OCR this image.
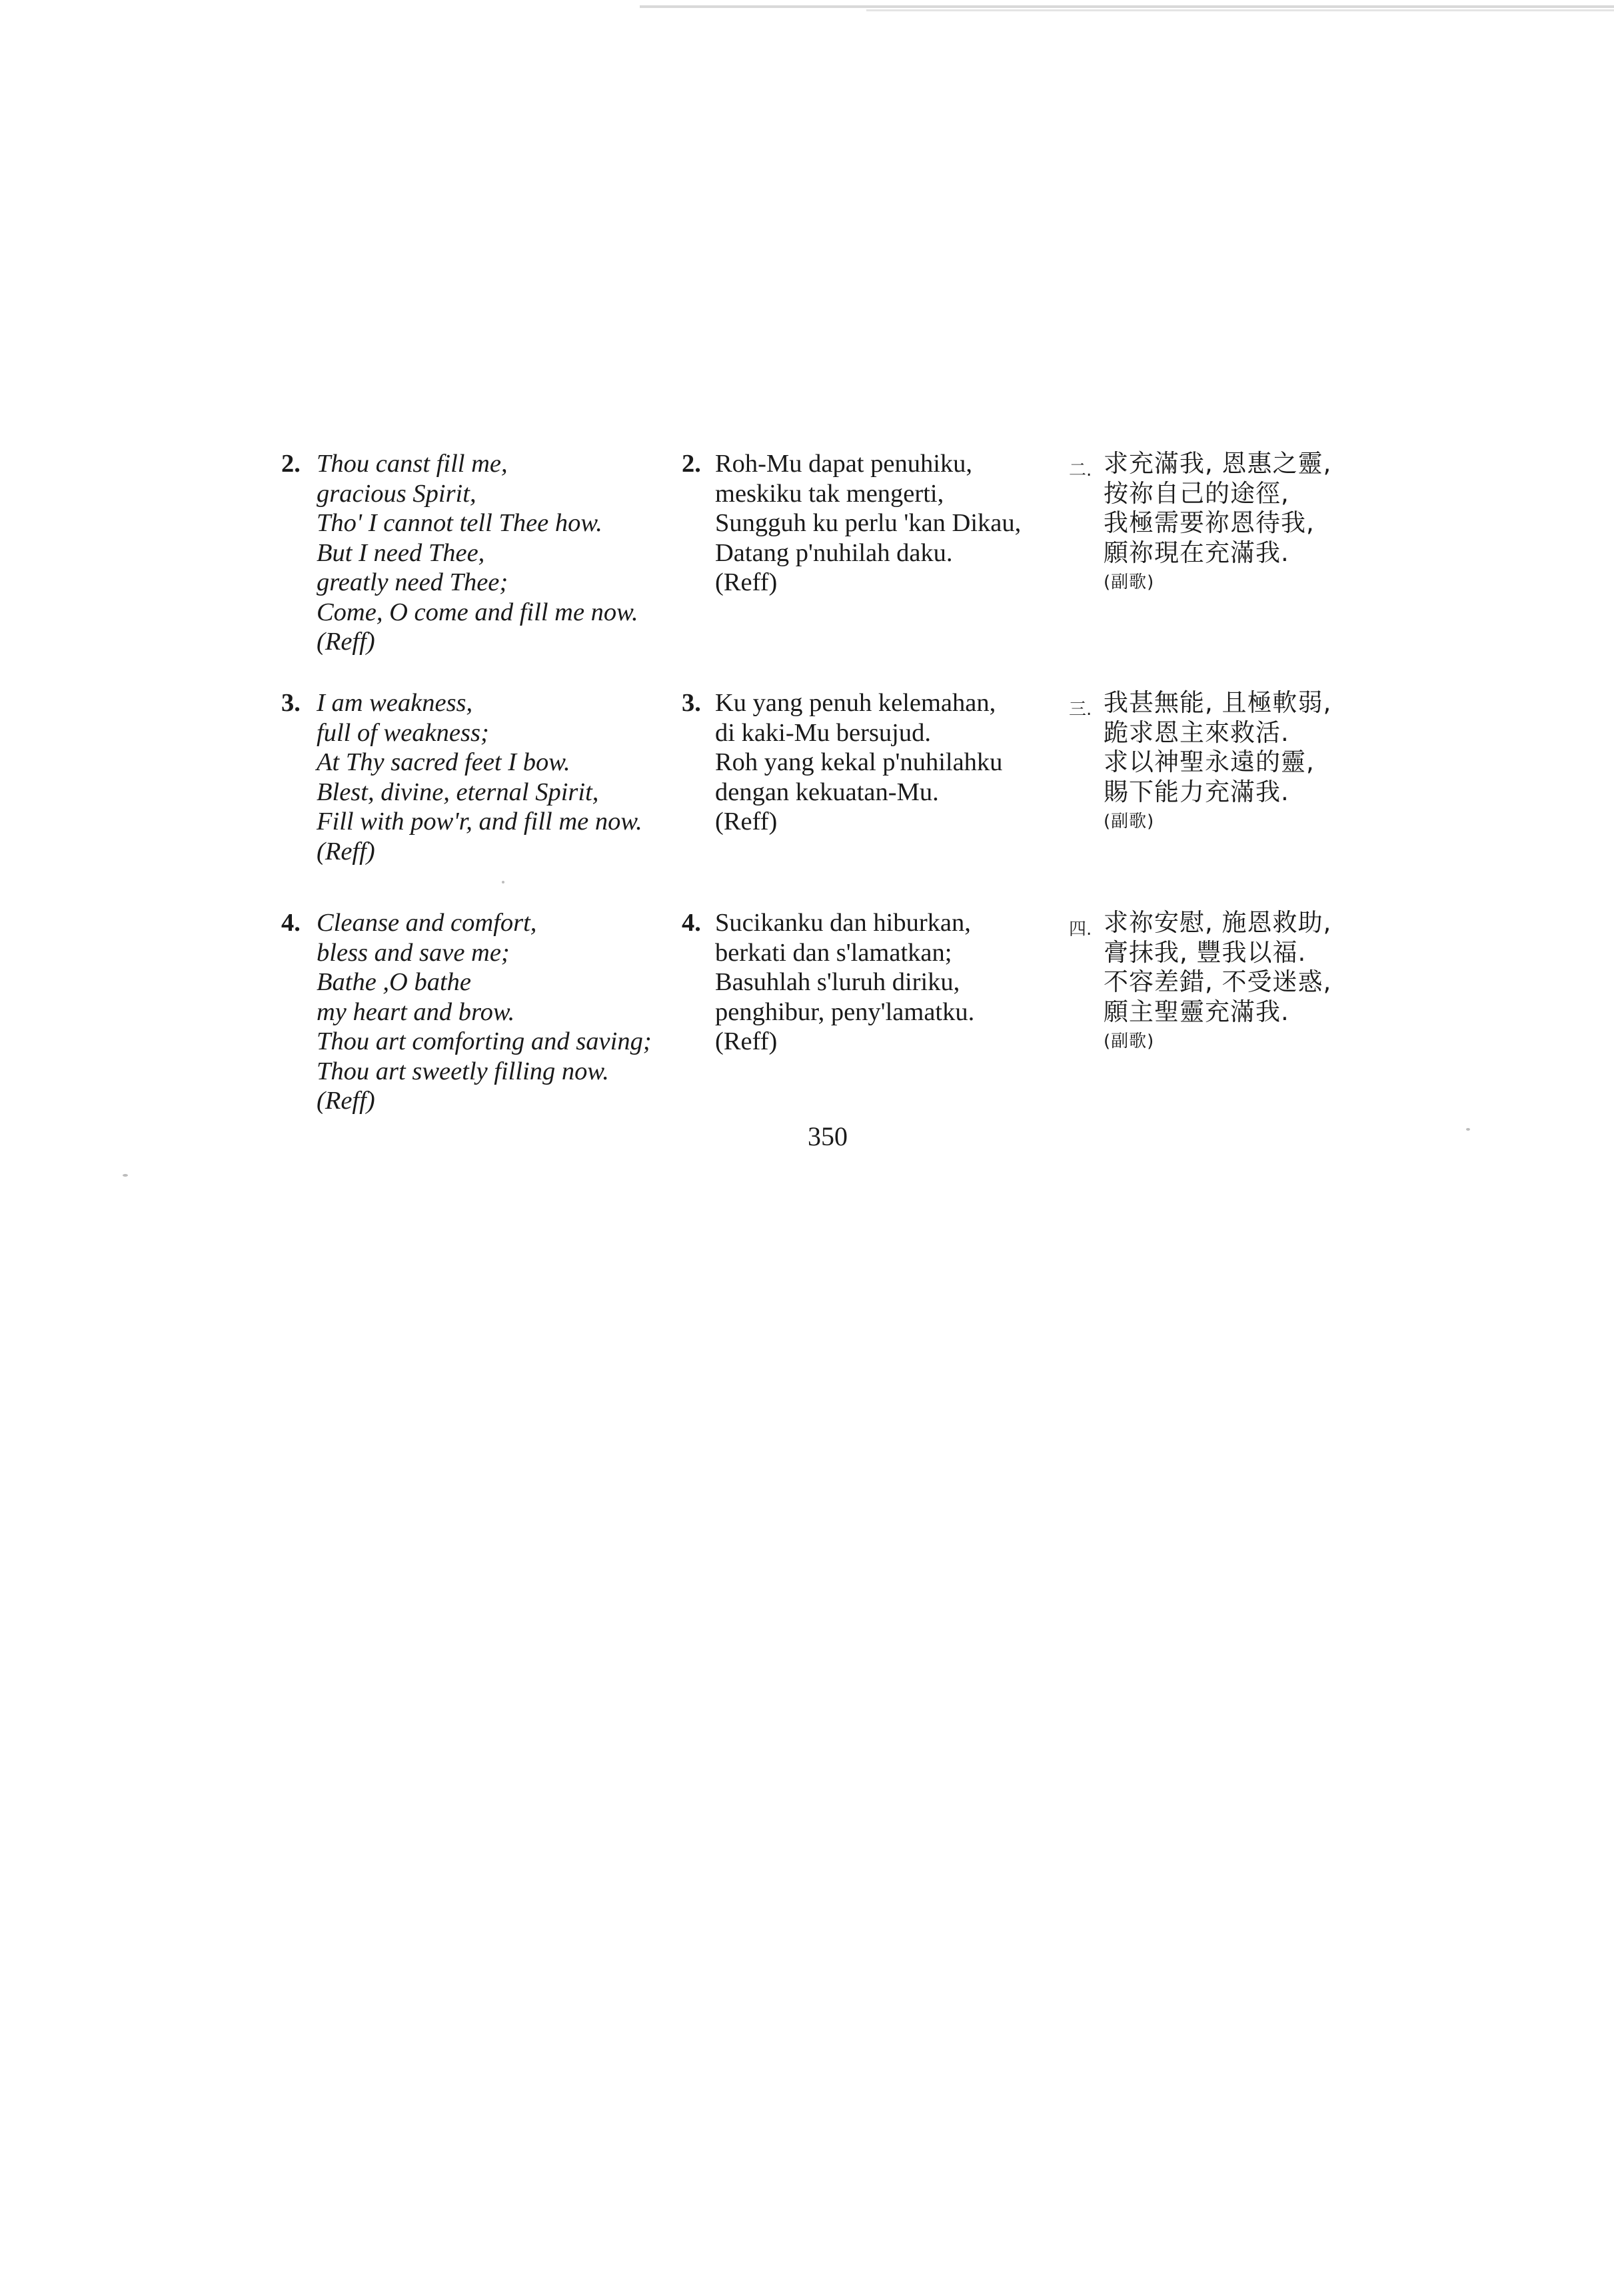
2. Thou canst fill me,
gracious Spirit,
Tho' I cannot tell Thee how.
But I need Thee,
greatly need Thee;
Come, O come and fill me now.
(Reff)
3. I am weakness,
full of weakness;
At Thy sacred feet I bow.
Blest, divine, eternal Spirit,
Fill with pow'r, and fill me now.
(Reff)
4. Cleanse and comfort,
bless and save me;
Bathe ,O bathe
my heart and brow.
Thou art comforting and saving;
Thou art sweetly filling now.
(Reff)
2. Roh-Mu dapat penuhiku,
meskiku tak mengerti,
Sungguh ku perlu 'kan Dikau,
Datang p'nuhilah daku.
(Reff)
3. Ku yang penuh kelemahan,
di kaki-Mu bersujud.
Roh yang kekal p'nuhilahku
dengan kekuatan-Mu.
(Reff)
4. Sucikanku dan hiburkan,
berkati dan s'lamatkan;
Basuhlah s'luruh diriku,
penghibur, peny'lamatku.
(Reff)
二. 求充滿我, 恩惠之靈,
按祢自己的途徑,
我極需要祢恩待我,
願祢現在充滿我.
(副歌)
三. 我甚無能, 且極軟弱,
跪求恩主來救活.
求以神聖永遠的靈,
賜下能力充滿我.
(副歌)
四. 求祢安慰, 施恩救助,
膏抹我, 豐我以福.
不容差錯, 不受迷惑,
願主聖靈充滿我.
(副歌)
350
